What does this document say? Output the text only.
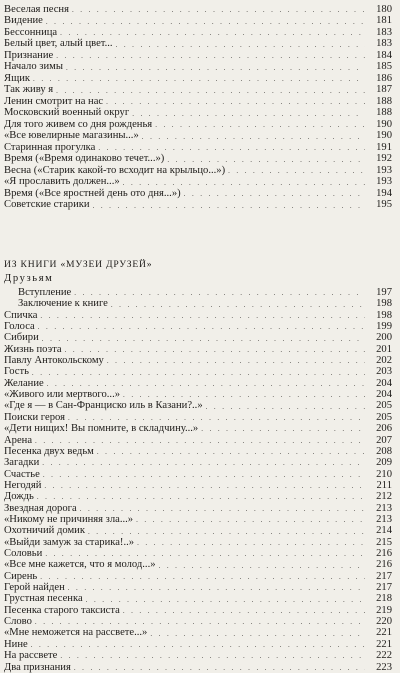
Веселая песня . . .	180
Видение . . .	181
Бессонница . . .	183
Белый цвет, алый цвет... . . .	183
Признание . . .	184
Начало зимы . . .	185
Ящик . . .	186
Так живу я . . .	187
Ленин смотрит на нас . . .	188
Московский военный округ . . .	188
Для того живем со дня рожденья . . .	190
«Все ювелирные магазины...» . . .	190
Старинная прогулка . . .	191
Время («Время одинаково течет...») . . .	192
Весна («Старик какой-то всходит на крыльцо...») . . .	193
«Я прославить должен...» . . .	193
Время («Все яростней день ото дня...») . . .	194
Советские старики . . .	195
ИЗ КНИГИ «МУЗЕИ ДРУЗЕЙ»
Друзьям
Вступление . . .	197
Заключение к книге . . .	198
Спичка . . .	198
Голоса . . .	199
Сибири . . .	200
Жизнь поэта . . .	201
Павлу Антокольскому . . .	202
Гость . . .	203
Желание . . .	204
«Живого или мертвого...» . . .	204
«Где я — в Сан-Франциско иль в Казани?..» . . .	205
Поиски героя . . .	205
«Дети нищих! Вы помните, в складчину...» . . .	206
Арена . . .	207
Песенка двух ведьм . . .	208
Загадки . . .	209
Счастье . . .	210
Негодяй . . .	211
Дождь . . .	212
Звездная дорога . . .	213
«Никому не причиняя зла...» . . .	213
Охотничий домик . . .	214
«Выйди замуж за старика!..» . . .	215
Соловьи . . .	216
«Все мне кажется, что я молод...» . . .	216
Сирень . . .	217
Герой найден . . .	217
Грустная песенка . . .	218
Песенка старого таксиста . . .	219
Слово . . .	220
«Мне неможется на рассвете...» . . .	221
Нине . . .	221
На рассвете . . .	222
Два признания . . .	223
